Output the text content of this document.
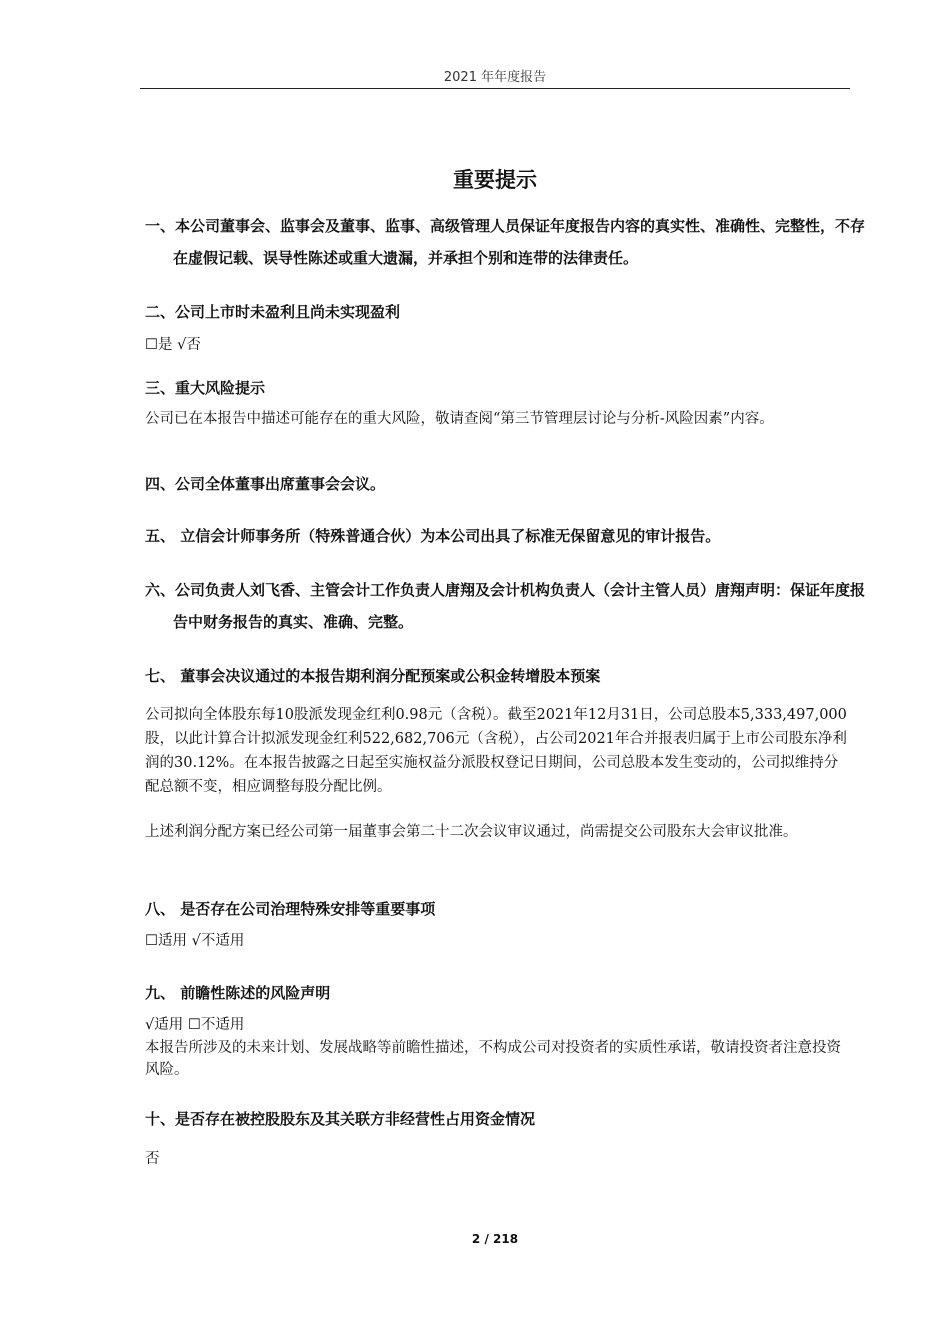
2021 年年度报告
重要提示

一、本公司董事会、监事会及董事、监事、高级管理人员保证年度报告内容的真实性、准确性、完整性，不存在虚假记载、误导性陈述或重大遗漏，并承担个别和连带的法律责任。

二、公司上市时未盈利且尚未实现盈利

☐是 √否

三、重大风险提示

公司已在本报告中描述可能存在的重大风险，敬请查阅“第三节管理层讨论与分析-风险因素”内容。

四、公司全体董事出席董事会会议。

五、 立信会计师事务所（特殊普通合伙）为本公司出具了标准无保留意见的审计报告。

六、公司负责人刘飞香、主管会计工作负责人唐翔及会计机构负责人（会计主管人员）唐翔声明：保证年度报告中财务报告的真实、准确、完整。

七、 董事会决议通过的本报告期利润分配预案或公积金转增股本预案

公司拟向全体股东每10股派发现金红利0.98元（含税）。截至2021年12月31日，公司总股本5,333,497,000股，以此计算合计拟派发现金红利522,682,706元（含税），占公司2021年合并报表归属于上市公司股东净利润的30.12%。在本报告披露之日起至实施权益分派股权登记日期间，公司总股本发生变动的，公司拟维持分配总额不变，相应调整每股分配比例。

上述利润分配方案已经公司第一届董事会第二十二次会议审议通过，尚需提交公司股东大会审议批准。

八、 是否存在公司治理特殊安排等重要事项

☐适用 √不适用

九、 前瞻性陈述的风险声明

√适用 ☐不适用

本报告所涉及的未来计划、发展战略等前瞻性描述，不构成公司对投资者的实质性承诺，敬请投资者注意投资风险。

十、是否存在被控股股东及其关联方非经营性占用资金情况

否

2 / 218
